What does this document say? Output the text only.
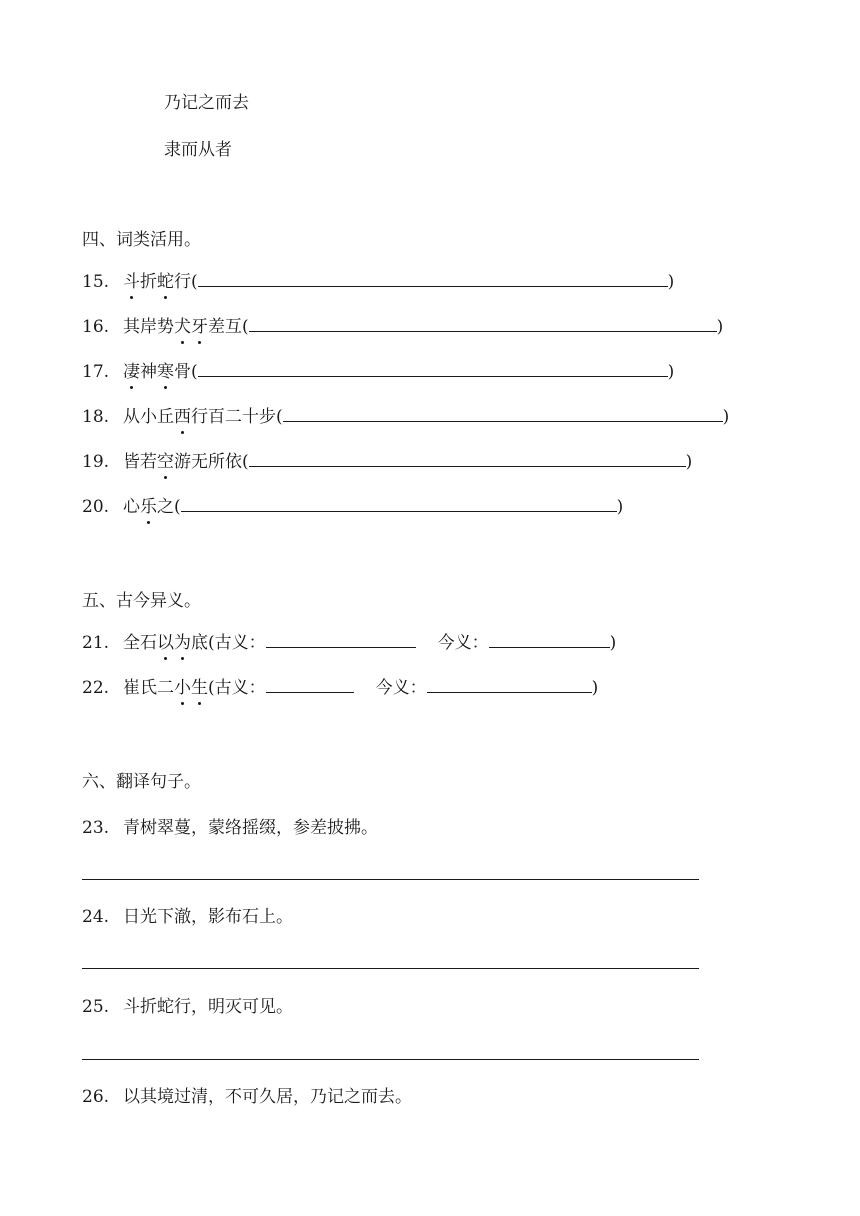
乃记之而去
隶而从者
四、词类活用。
15. 斗折蛇行(	)
16. 其岸势犬牙差互(	)
17. 凄神寒骨(	)
18. 从小丘西行百二十步(	)
19. 皆若空游无所依(	)
20. 心乐之(	)
五、古今异义。
21. 全石以为底(古义：	今义：	)
22. 崔氏二小生(古义：	今义：	)
六、翻译句子。
23. 青树翠蔓，蒙络摇缀，参差披拂。
24. 日光下澈，影布石上。
25. 斗折蛇行，明灭可见。
26. 以其境过清，不可久居，乃记之而去。
